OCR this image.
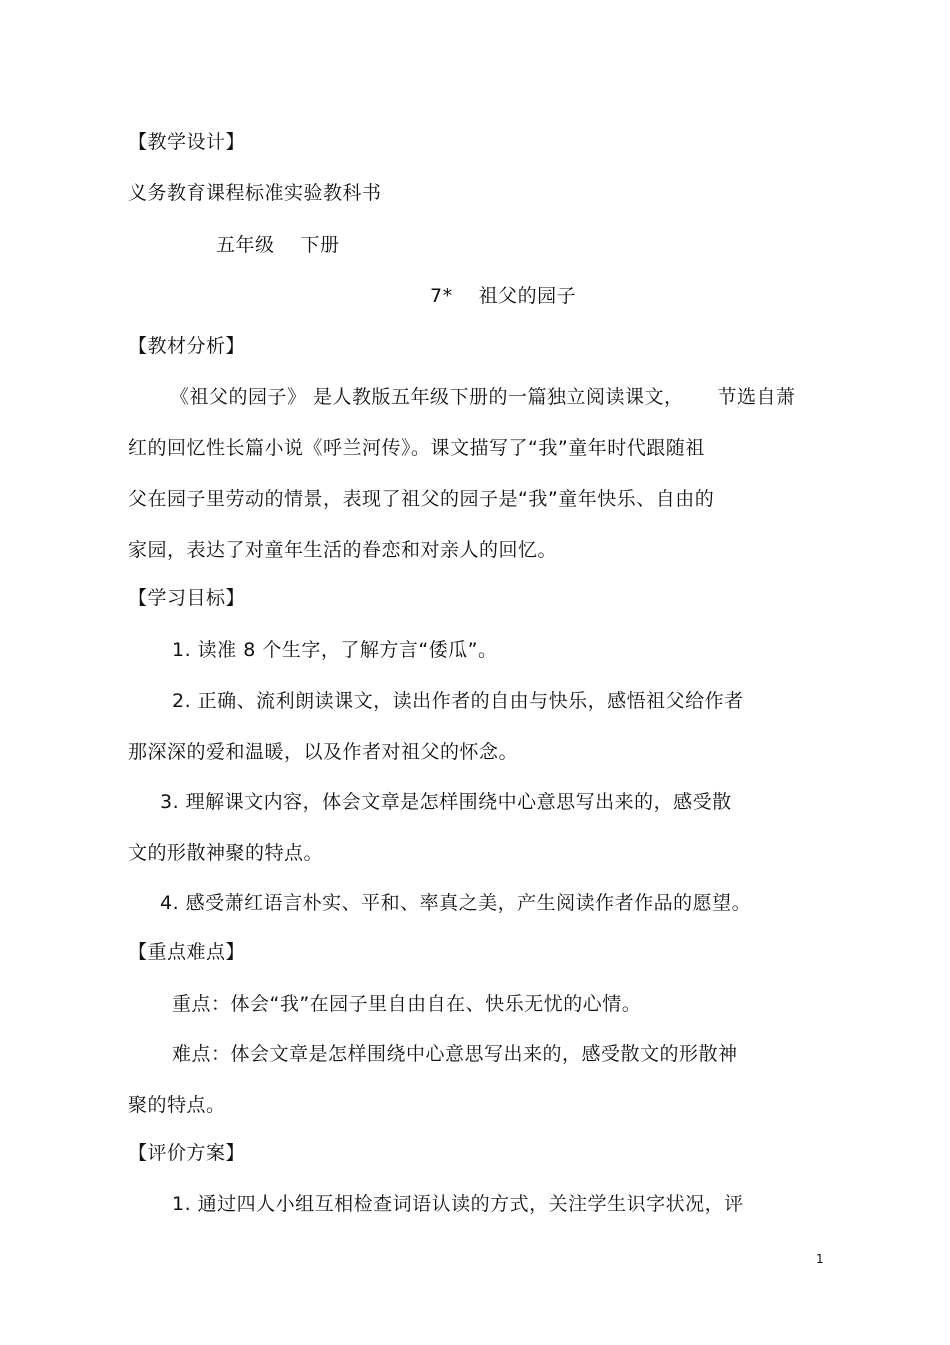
【教学设计】
义务教育课程标准实验教科书
五年级 下册
7* 祖父的园子
【教材分析】
《祖父的园子》 是人教版五年级下册的一篇独立阅读课文， 节选自萧
红的回忆性长篇小说《呼兰河传》。课文描写了“我”童年时代跟随祖
父在园子里劳动的情景，表现了祖父的园子是“我”童年快乐、自由的
家园，表达了对童年生活的眷恋和对亲人的回忆。
【学习目标】
1. 读准 8 个生字，了解方言“倭瓜”。
2. 正确、流利朗读课文，读出作者的自由与快乐，感悟祖父给作者
那深深的爱和温暖，以及作者对祖父的怀念。
3. 理解课文内容，体会文章是怎样围绕中心意思写出来的，感受散
文的形散神聚的特点。
4. 感受萧红语言朴实、平和、率真之美，产生阅读作者作品的愿望。
【重点难点】
重点：体会“我”在园子里自由自在、快乐无忧的心情。
难点：体会文章是怎样围绕中心意思写出来的，感受散文的形散神
聚的特点。
【评价方案】
1. 通过四人小组互相检查词语认读的方式，关注学生识字状况，评
1
